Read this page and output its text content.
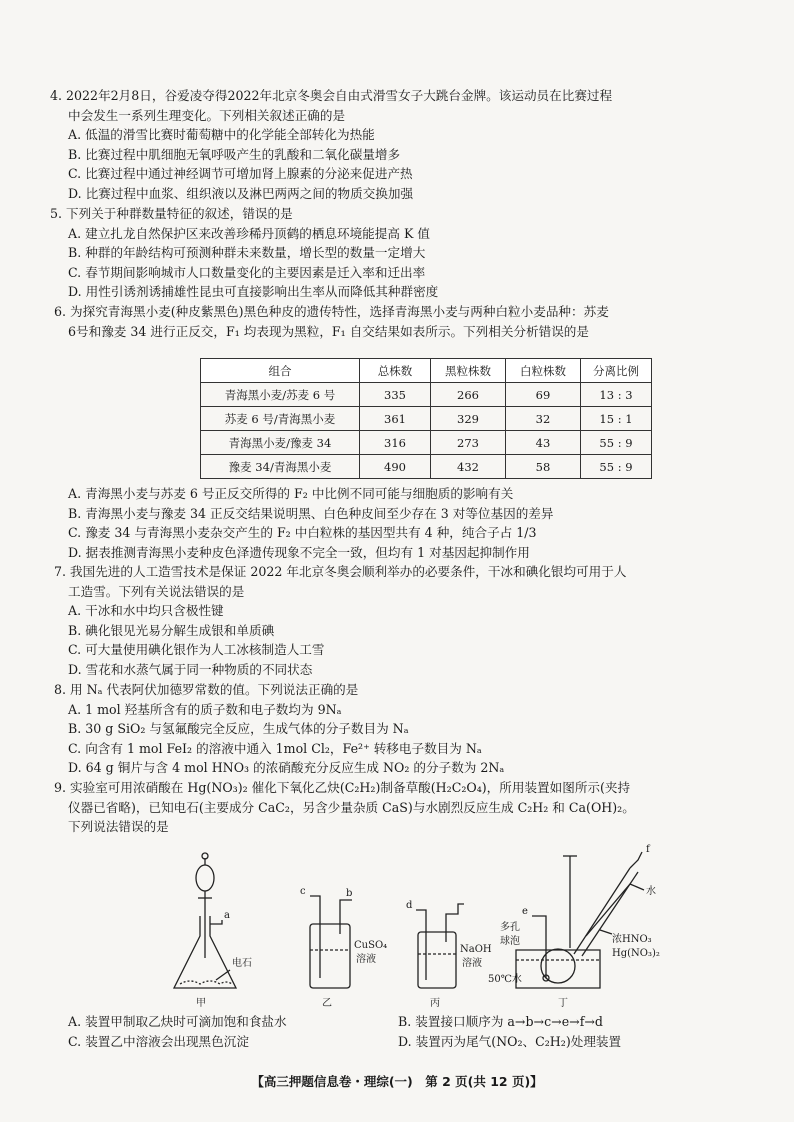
4. 2022年2月8日，谷爱凌夺得2022年北京冬奥会自由式滑雪女子大跳台金牌。该运动员在比赛过程

中会发生一系列生理变化。下列相关叙述正确的是

A. 低温的滑雪比赛时葡萄糖中的化学能全部转化为热能

B. 比赛过程中肌细胞无氧呼吸产生的乳酸和二氧化碳量增多

C. 比赛过程中通过神经调节可增加肾上腺素的分泌来促进产热

D. 比赛过程中血浆、组织液以及淋巴两两之间的物质交换加强

5. 下列关于种群数量特征的叙述，错误的是

A. 建立扎龙自然保护区来改善珍稀丹顶鹤的栖息环境能提高 K 值

B. 种群的年龄结构可预测种群未来数量，增长型的数量一定增大

C. 春节期间影响城市人口数量变化的主要因素是迁入率和迁出率

D. 用性引诱剂诱捕雄性昆虫可直接影响出生率从而降低其种群密度

6. 为探究青海黑小麦(种皮紫黑色)黑色种皮的遗传特性，选择青海黑小麦与两种白粒小麦品种：苏麦

6号和豫麦 34 进行正反交，F₁ 均表现为黑粒，F₁ 自交结果如表所示。下列相关分析错误的是

组合	总株数	黑粒株数	白粒株数	分离比例
青海黑小麦/苏麦 6 号	335	266	69	13 : 3
苏麦 6 号/青海黑小麦	361	329	32	15 : 1
青海黑小麦/豫麦 34	316	273	43	55 : 9
豫麦 34/青海黑小麦	490	432	58	55 : 9

A. 青海黑小麦与苏麦 6 号正反交所得的 F₂ 中比例不同可能与细胞质的影响有关

B. 青海黑小麦与豫麦 34 正反交结果说明黑、白色种皮间至少存在 3 对等位基因的差异

C. 豫麦 34 与青海黑小麦杂交产生的 F₂ 中白粒株的基因型共有 4 种，纯合子占 1/3

D. 据表推测青海黑小麦种皮色泽遗传现象不完全一致，但均有 1 对基因起抑制作用

7. 我国先进的人工造雪技术是保证 2022 年北京冬奥会顺利举办的必要条件，干冰和碘化银均可用于人

工造雪。下列有关说法错误的是

A. 干冰和水中均只含极性键

B. 碘化银见光易分解生成银和单质碘

C. 可大量使用碘化银作为人工冰核制造人工雪

D. 雪花和水蒸气属于同一种物质的不同状态

8. 用 Nₐ 代表阿伏加德罗常数的值。下列说法正确的是

A. 1 mol 羟基所含有的质子数和电子数均为 9Nₐ

B. 30 g SiO₂ 与氢氟酸完全反应，生成气体的分子数目为 Nₐ

C. 向含有 1 mol FeI₂ 的溶液中通入 1mol Cl₂，Fe²⁺ 转移电子数目为 Nₐ

D. 64 g 铜片与含 4 mol HNO₃ 的浓硝酸充分反应生成 NO₂ 的分子数为 2Nₐ

9. 实验室可用浓硝酸在 Hg(NO₃)₂ 催化下氧化乙炔(C₂H₂)制备草酸(H₂C₂O₄)，所用装置如图所示(夹持

仪器已省略)，已知电石(主要成分 CaC₂，另含少量杂质 CaS)与水剧烈反应生成 C₂H₂ 和 Ca(OH)₂。

下列说法错误的是

a
电石
甲
c	b
CuSO₄
溶液
乙
d
NaOH
溶液
丙
e
f
多孔
球泡
50℃水
水
浓HNO₃
Hg(NO₃)₂
丁

A. 装置甲制取乙炔时可滴加饱和食盐水	B. 装置接口顺序为 a→b→c→e→f→d

C. 装置乙中溶液会出现黑色沉淀	D. 装置丙为尾气(NO₂、C₂H₂)处理装置

【高三押题信息卷・理综(一)　第 2 页(共 12 页)】
